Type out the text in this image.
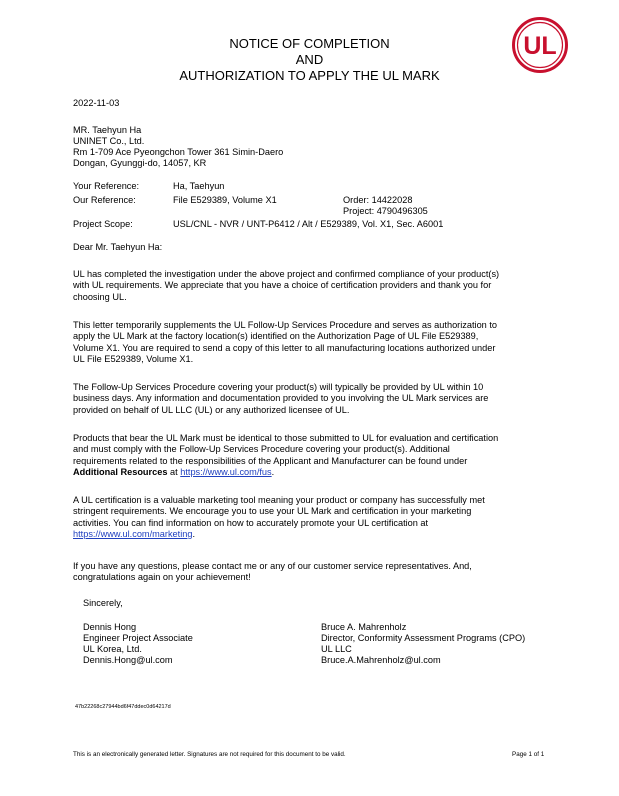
NOTICE OF COMPLETION
AND
AUTHORIZATION TO APPLY THE UL MARK
UL
2022-11-03
MR. Taehyun Ha
UNINET Co., Ltd.
Rm 1-709 Ace Pyeongchon Tower 361 Simin-Daero
Dongan, Gyunggi-do, 14057, KR
Your Reference:	Ha, Taehyun
Our Reference:	File E529389, Volume X1	Order: 14422028
Project: 4790496305
Project Scope:	USL/CNL - NVR / UNT-P6412 / Alt / E529389, Vol. X1, Sec. A6001
Dear Mr. Taehyun Ha:

UL has completed the investigation under the above project and confirmed compliance of your product(s)

with UL requirements. We appreciate that you have a choice of certification providers and thank you for

choosing UL.

This letter temporarily supplements the UL Follow-Up Services Procedure and serves as authorization to

apply the UL Mark at the factory location(s) identified on the Authorization Page of UL File E529389,

Volume X1. You are required to send a copy of this letter to all manufacturing locations authorized under

UL File E529389, Volume X1.

The Follow-Up Services Procedure covering your product(s) will typically be provided by UL within 10

business days. Any information and documentation provided to you involving the UL Mark services are

provided on behalf of UL LLC (UL) or any authorized licensee of UL.

Products that bear the UL Mark must be identical to those submitted to UL for evaluation and certification

and must comply with the Follow-Up Services Procedure covering your product(s). Additional

requirements related to the responsibilities of the Applicant and Manufacturer can be found under

Additional Resources at https://www.ul.com/fus.

A UL certification is a valuable marketing tool meaning your product or company has successfully met

stringent requirements. We encourage you to use your UL Mark and certification in your marketing

activities. You can find information on how to accurately promote your UL certification at

https://www.ul.com/marketing.

If you have any questions, please contact me or any of our customer service representatives. And,

congratulations again on your achievement!

Sincerely,
Dennis Hong
Engineer Project Associate
UL Korea, Ltd.
Dennis.Hong@ul.com
Bruce A. Mahrenholz
Director, Conformity Assessment Programs (CPO)
UL LLC
Bruce.A.Mahrenholz@ul.com
47b22268c27944bd6f47ddec0d64217d
This is an electronically generated letter. Signatures are not required for this document to be valid.	Page 1 of 1
